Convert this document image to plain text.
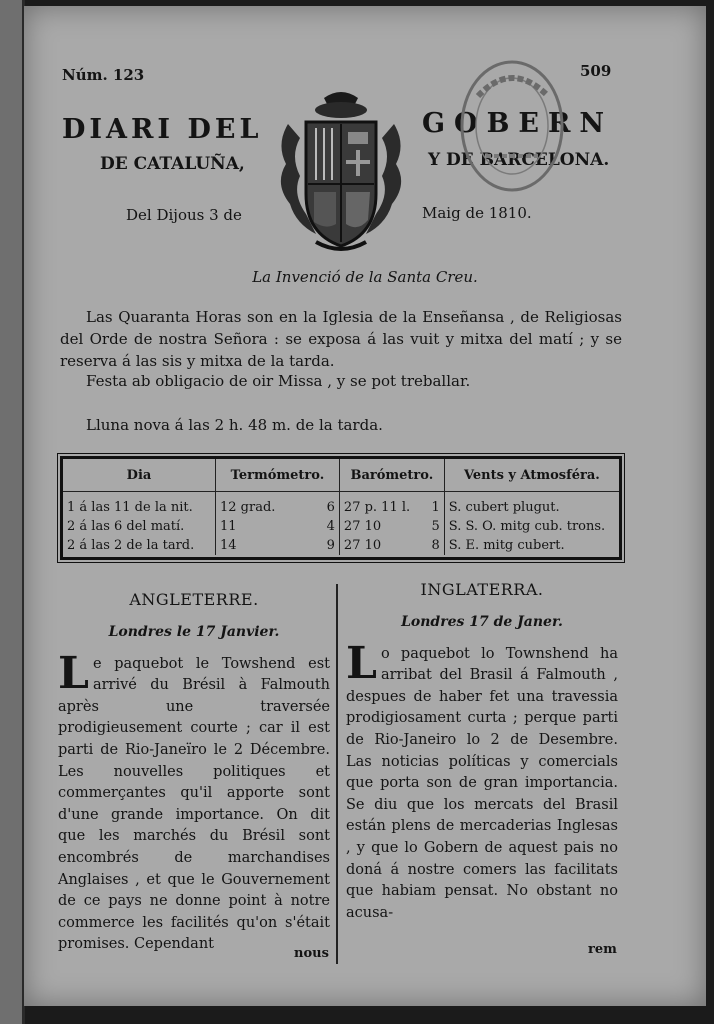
Núm. 123	509
DIARI DEL	GOBERN
DE CATALUÑA,	Y DE BARCELONA.
Del Dijous 3 de	Maig de 1810.
La Invenció de la Santa Creu.
Las Quaranta Horas son en la Iglesia de la Enseñansa , de Religiosas del Orde de nostra Señora : se exposa á las vuit y mitxa del matí ; y se reserva á las sis y mitxa de la tarda.
Festa ab obligacio de oir Missa , y se pot treballar.
Lluna nova á las 2 h. 48 m. de la tarda.
Dia	Termómetro.		Barómetro.		Vents y Atmosféra.
1 á las 11 de la nit.	12 grad.	6	27 p. 11 l.	1	S. cubert plugut.
2 á las 6 del matí.	11	4	27 10	5	S. S. O. mitg cub. trons.
2 á las 2 de la tard.	14	9	27 10	8	S. E. mitg cubert.
ANGLETERRE.
Londres le 17 Janvier.

Le paquebot le Towshend est arrivé du Brésil à Falmouth après une traversée prodigieusement courte ; car il est parti de Rio-Janeïro le 2 Décembre. Les nouvelles politiques et commerçantes qu'il apporte sont d'une grande importance. On dit que les marchés du Brésil sont encombrés de marchandises Anglaises , et que le Gouvernement de ce pays ne donne point à notre commerce les facilités qu'on s'était promises. Cependant

INGLATERRA.
Londres 17 de Janer.

Lo paquebot lo Townshend ha arribat del Brasil á Falmouth , despues de haber fet una travessia prodigiosament curta ; perque parti de Rio-Janeiro lo 2 de Desembre. Las noticias políticas y comercials que porta son de gran importancia. Se diu que los mercats del Brasil están plens de mercaderias Inglesas , y que lo Gobern de aquest pais no doná á nostre comers las facilitats que habiam pensat. No obstant no acusa-

nous	rem
